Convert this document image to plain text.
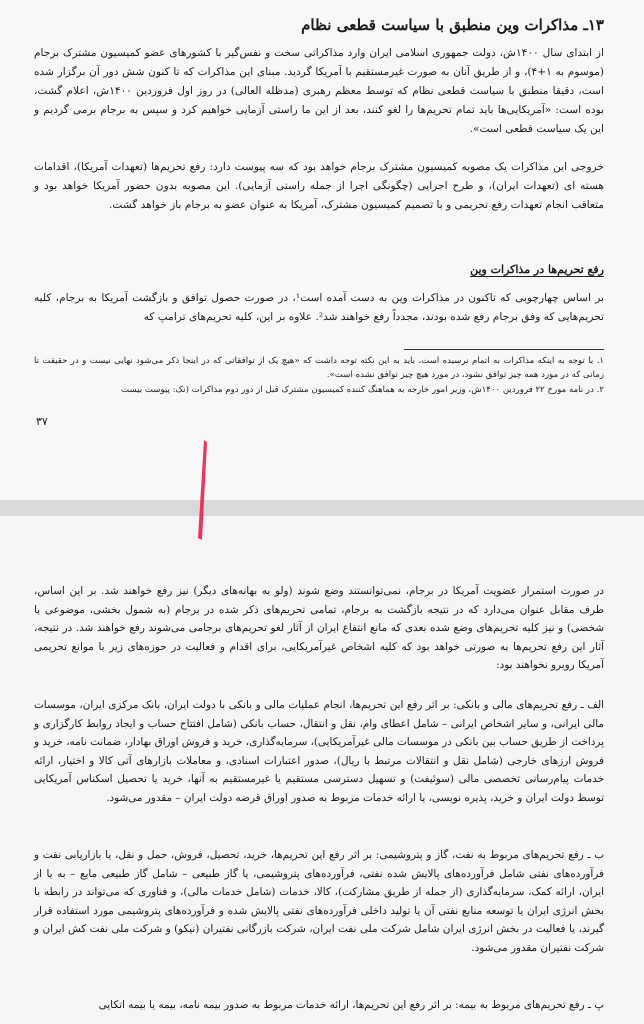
۱۳ـ مذاکرات وین منطبق با سیاست قطعی نظام

از ابتدای سال ۱۴۰۰ش، دولت جمهوری اسلامی ایران وارد مذاکراتی سخت و نفس‌گیر با کشورهای عضو کمیسیون مشترک برجام (موسوم به ۱+۴)، و از طریق آنان به صورت غیرمستقیم با آمریکا گردید. مبنای این مذاکرات که تا کنون شش دور آن برگزار شده است، دقیقا منطبق با سیاست قطعی نظام که توسط معظم رهبری (مدظله العالی) در روز اول فروردین ۱۴۰۰ش، اعلام گشت، بوده است: «آمریکایی‌ها باید تمام تحریم‌ها را لغو کنند، بعد از این ما راستی آزمایی خواهیم کرد و سپس به برجام برمی گردیم و این یک سیاست قطعی است».

خروجی این مذاکرات یک مصوبه کمیسیون مشترک برجام خواهد بود که سه پیوست دارد: رفع تحریم‌ها (تعهدات آمریکا)، اقدامات هسته ای (تعهدات ایران)، و طرح اجرایی (چگونگی اجرا از جمله راستی آزمایی). این مصوبه بدون حضور آمریکا خواهد بود و متعاقب انجام تعهدات رفع تحریمی و با تصمیم کمیسیون مشترک، آمریکا به عنوان عضو به برجام باز خواهد گشت.

رفع تحریم‌ها در مذاکرات وین

بر اساس چهارچوبی که تاکنون در مذاکرات وین به دست آمده است¹، در صورت حصول توافق و بازگشت آمریکا به برجام، کلیه تحریم‌هایی که وفق برجام رفع شده بودند، مجدداً رفع خواهند شد². علاوه بر این، کلیه تحریم‌های ترامپ که

۱. با توجه به اینکه مذاکرات به اتمام نرسیده است، باید به این نکته توجه داشت که «هیچ یک از توافقاتی که در اینجا ذکر می‌شود نهایی نیست و در حقیقت تا زمانی که در مورد همه چیز توافق نشود، در مورد هیچ چیز توافق نشده است».

۲. در نامه مورخ ۲۲ فروردین ۱۴۰۰ش، وزیر امور خارجه به هماهنگ کننده کمیسیون مشترک قبل از دور دوم مذاکرات (نک: پیوست بیست

۳۷

در صورت استمرار عضویت آمریکا در برجام، نمی‌توانستند وضع شوند (ولو به بهانه‌های دیگر) نیز رفع خواهند شد. بر این اساس، طرف مقابل عنوان می‌دارد که در نتیجه بازگشت به برجام، تمامی تحریم‌های ذکر شده در برجام (به شمول بخشی، موضوعی یا شخصی) و نیز کلیه تحریم‌های وضع شده بعدی که مانع انتفاع ایران از آثار لغو تحریم‌های برجامی می‌شوند رفع خواهند شد. در نتیجه، آثار این رفع تحریم‌ها به صورتی خواهد بود که کلیه اشخاص غیرآمریکایی، برای اقدام و فعالیت در حوزه‌های زیر با موانع تحریمی آمریکا روبرو نخواهند بود:

الف ـ رفع تحریم‌های مالی و بانکی: بر اثر رفع این تحریم‌ها، انجام عملیات مالی و بانکی با دولت ایران، بانک مرکزی ایران، موسسات مالی ایرانی، و سایر اشخاص ایرانی – شامل اعطای وام، نقل و انتقال، حساب بانکی (شامل افتتاح حساب و ایجاد روابط کارگزاری و پرداخت از طریق حساب بین بانکی در موسسات مالی غیرآمریکایی)، سرمایه‌گذاری، خرید و فروش اوراق بهادار، ضمانت نامه، خرید و فروش ارزهای خارجی (شامل نقل و انتقالات مرتبط با ریال)، صدور اعتبارات اسنادی، و معاملات بازارهای آتی کالا و اختیار، ارائه خدمات پیام‌رسانی تخصصی مالی (سوئیفت) و تسهیل دسترسی مستقیم یا غیرمستقیم به آنها، خرید یا تحصیل اسکناس آمریکایی توسط دولت ایران و خرید، پذیره نویسی، یا ارائه خدمات مربوط به صدور اوراق قرضه دولت ایران – مقدور می‌شود.

ب ـ رفع تحریم‌های مربوط به نفت، گاز و پتروشیمی: بر اثر رفع این تحریم‌ها، خرید، تحصیل، فروش، حمل و نقل، یا بازاریابی نفت و فرآورده‌های نفتی شامل فرآورده‌های پالایش شده نفتی، فرآورده‌های پتروشیمی، یا گاز طبیعی – شامل گاز طبیعی مایع – به یا از ایران، ارائه کمک، سرمایه‌گذاری (از جمله از طریق مشارکت)، کالا، خدمات (شامل خدمات مالی)، و فناوری که می‌تواند در رابطه با بخش انرژی ایران یا توسعه منابع نفتی آن یا تولید داخلی فرآورده‌های نفتی پالایش شده و فرآورده‌های پتروشیمی مورد استفاده قرار گیرند، یا فعالیت در بخش انرژی ایران شامل شرکت ملی نفت ایران، شرکت بازرگانی نفتیران (نیکو) و شرکت ملی نفت کش ایران و شرکت نفتیران مقدور می‌شود.

پ ـ رفع تحریم‌های مربوط به بیمه: بر اثر رفع این تحریم‌ها، ارائه خدمات مربوط به صدور بیمه نامه، بیمه یا بیمه اتکایی
